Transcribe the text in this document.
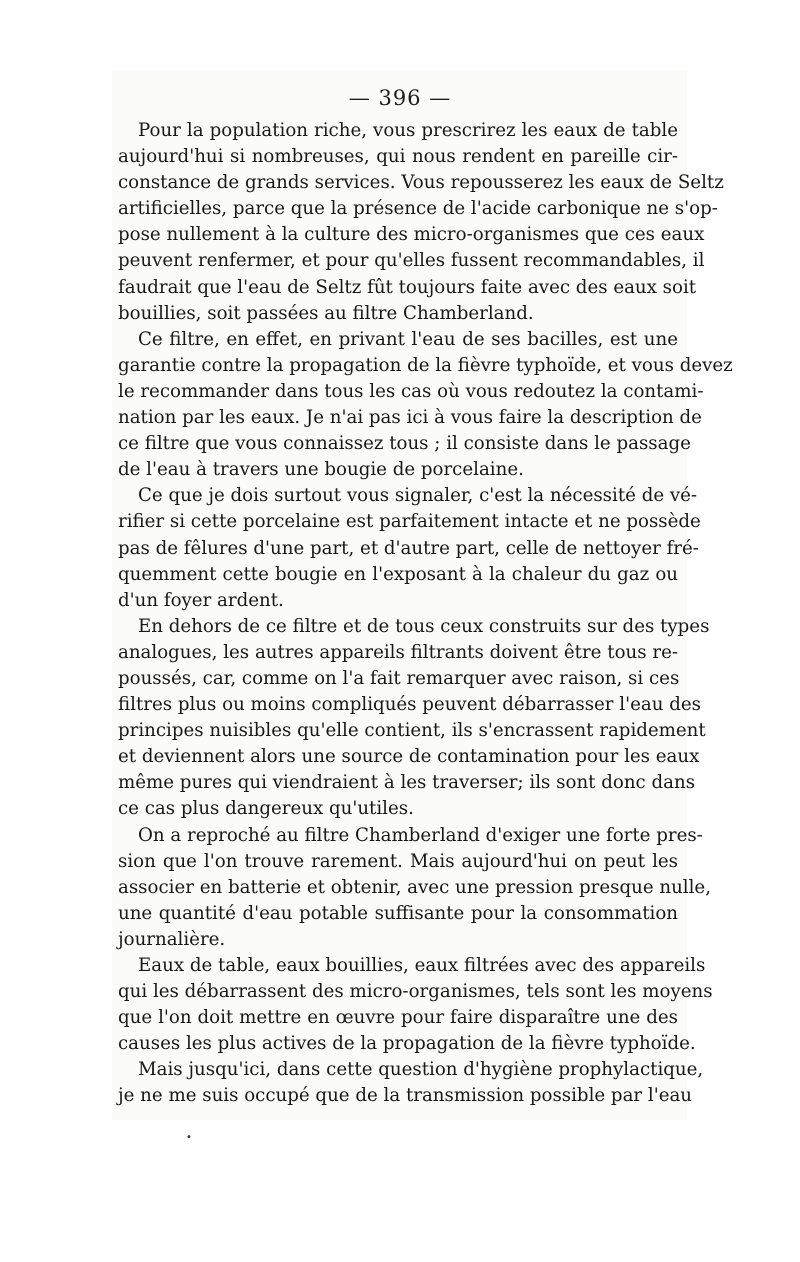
— 396 —
Pour la population riche, vous prescrirez les eaux de table
aujourd'hui si nombreuses, qui nous rendent en pareille cir-
constance de grands services. Vous repousserez les eaux de Seltz
artificielles, parce que la présence de l'acide carbonique ne s'op-
pose nullement à la culture des micro-organismes que ces eaux
peuvent renfermer, et pour qu'elles fussent recommandables, il
faudrait que l'eau de Seltz fût toujours faite avec des eaux soit
bouillies, soit passées au filtre Chamberland.
Ce filtre, en effet, en privant l'eau de ses bacilles, est une
garantie contre la propagation de la fièvre typhoïde, et vous devez
le recommander dans tous les cas où vous redoutez la contami-
nation par les eaux. Je n'ai pas ici à vous faire la description de
ce filtre que vous connaissez tous ; il consiste dans le passage
de l'eau à travers une bougie de porcelaine.
Ce que je dois surtout vous signaler, c'est la nécessité de vé-
rifier si cette porcelaine est parfaitement intacte et ne possède
pas de fêlures d'une part, et d'autre part, celle de nettoyer fré-
quemment cette bougie en l'exposant à la chaleur du gaz ou
d'un foyer ardent.
En dehors de ce filtre et de tous ceux construits sur des types
analogues, les autres appareils filtrants doivent être tous re-
poussés, car, comme on l'a fait remarquer avec raison, si ces
filtres plus ou moins compliqués peuvent débarrasser l'eau des
principes nuisibles qu'elle contient, ils s'encrassent rapidement
et deviennent alors une source de contamination pour les eaux
même pures qui viendraient à les traverser; ils sont donc dans
ce cas plus dangereux qu'utiles.
On a reproché au filtre Chamberland d'exiger une forte pres-
sion que l'on trouve rarement. Mais aujourd'hui on peut les
associer en batterie et obtenir, avec une pression presque nulle,
une quantité d'eau potable suffisante pour la consommation
journalière.
Eaux de table, eaux bouillies, eaux filtrées avec des appareils
qui les débarrassent des micro-organismes, tels sont les moyens
que l'on doit mettre en œuvre pour faire disparaître une des
causes les plus actives de la propagation de la fièvre typhoïde.
Mais jusqu'ici, dans cette question d'hygiène prophylactique,
je ne me suis occupé que de la transmission possible par l'eau
•
